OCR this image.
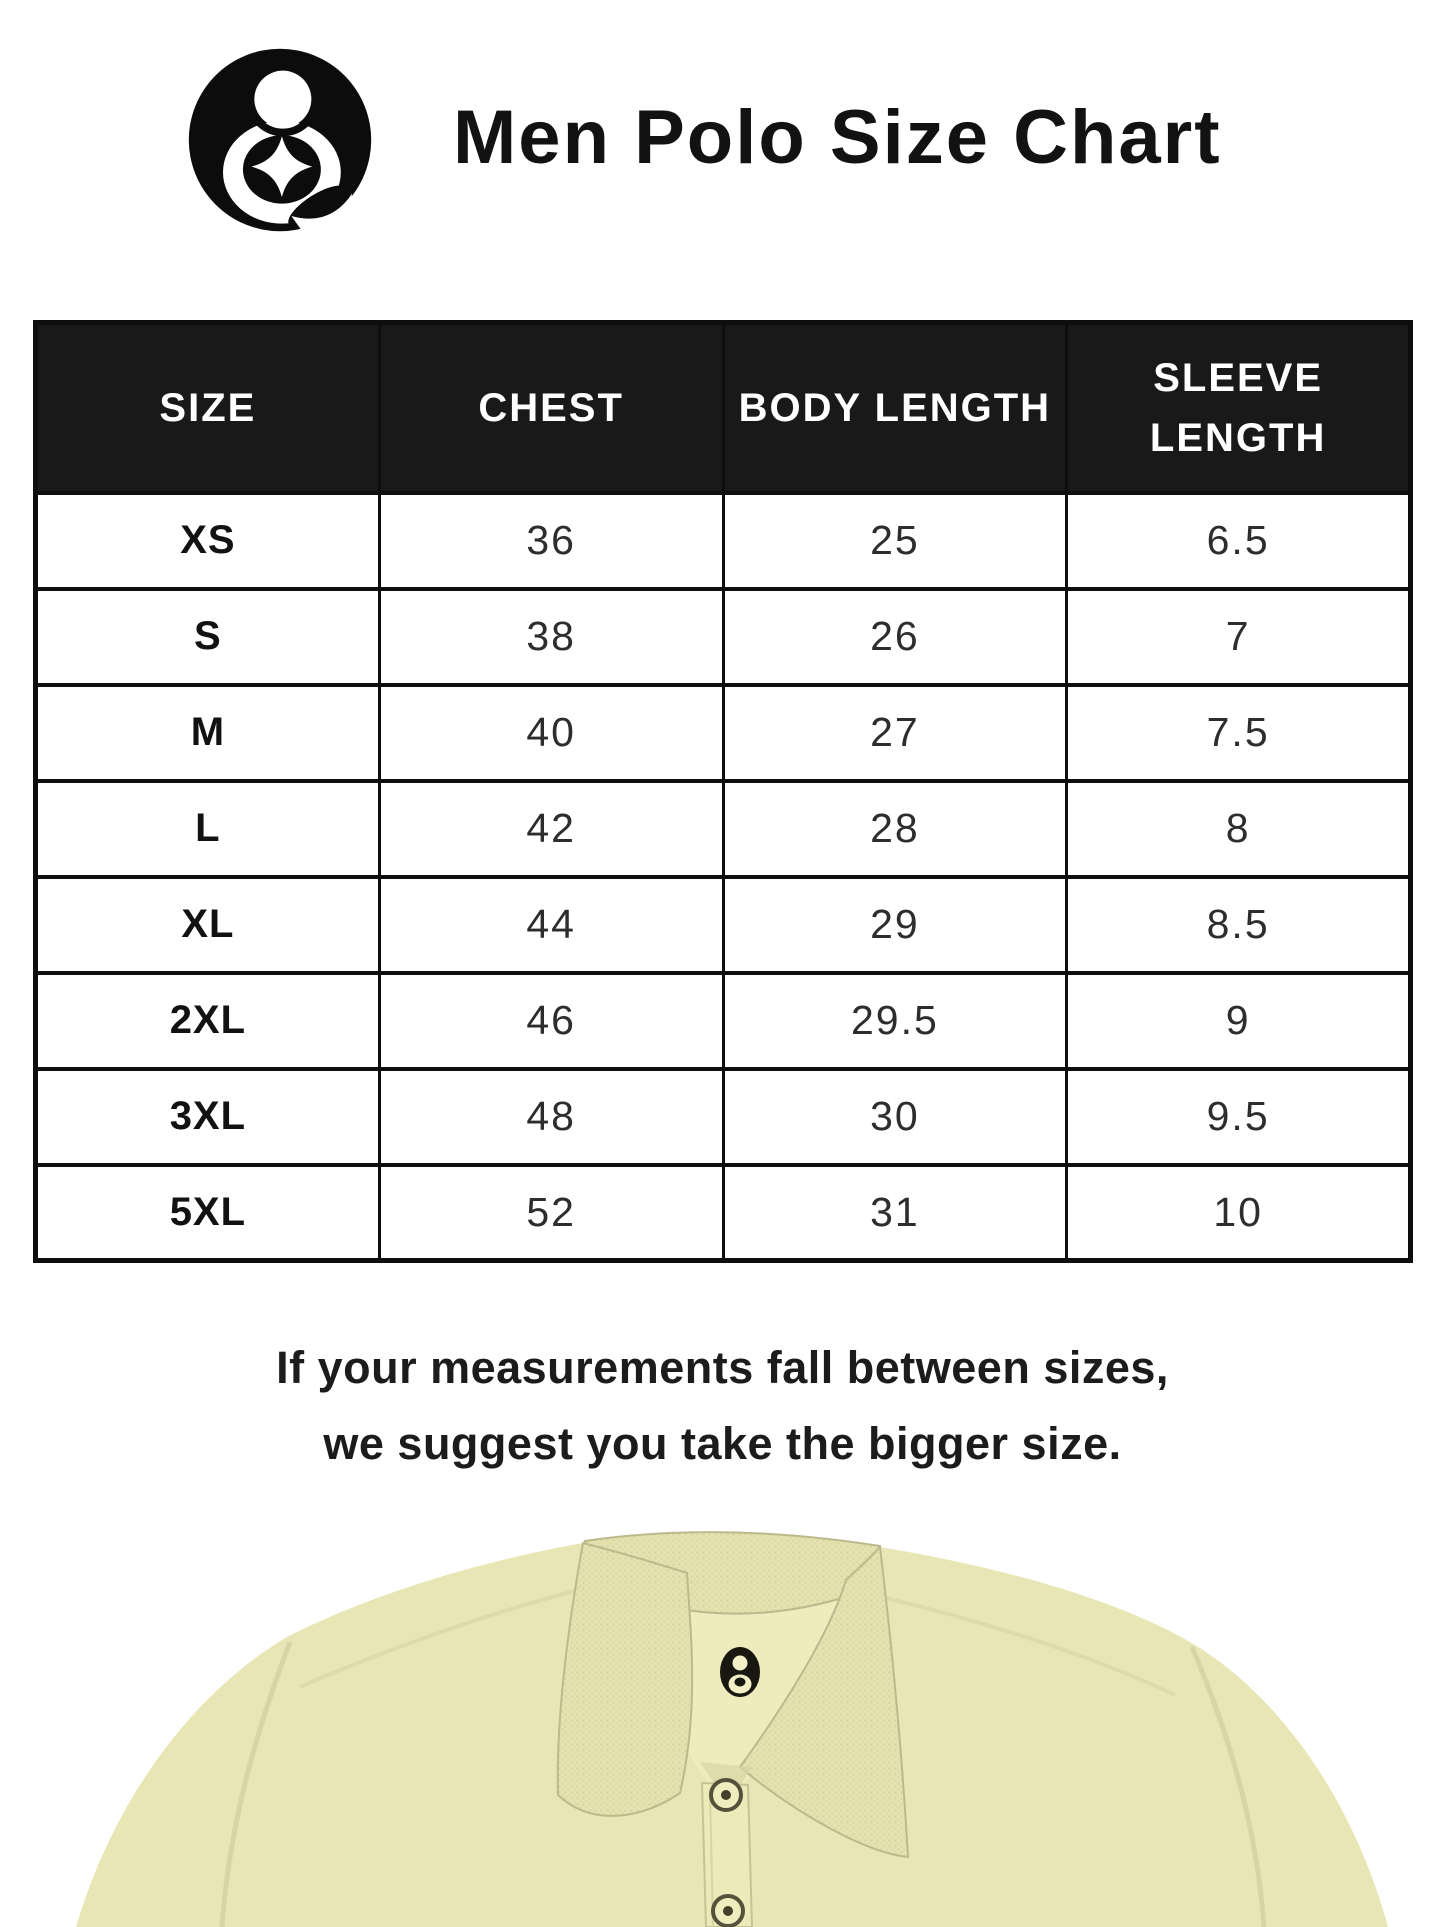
Men Polo Size Chart
SIZE	CHEST	BODY LENGTH	SLEEVE LENGTH
XS	36	25	6.5
S	38	26	7
M	40	27	7.5
L	42	28	8
XL	44	29	8.5
2XL	46	29.5	9
3XL	48	30	9.5
5XL	52	31	10

If your measurements fall between sizes,
we suggest you take the bigger size.
